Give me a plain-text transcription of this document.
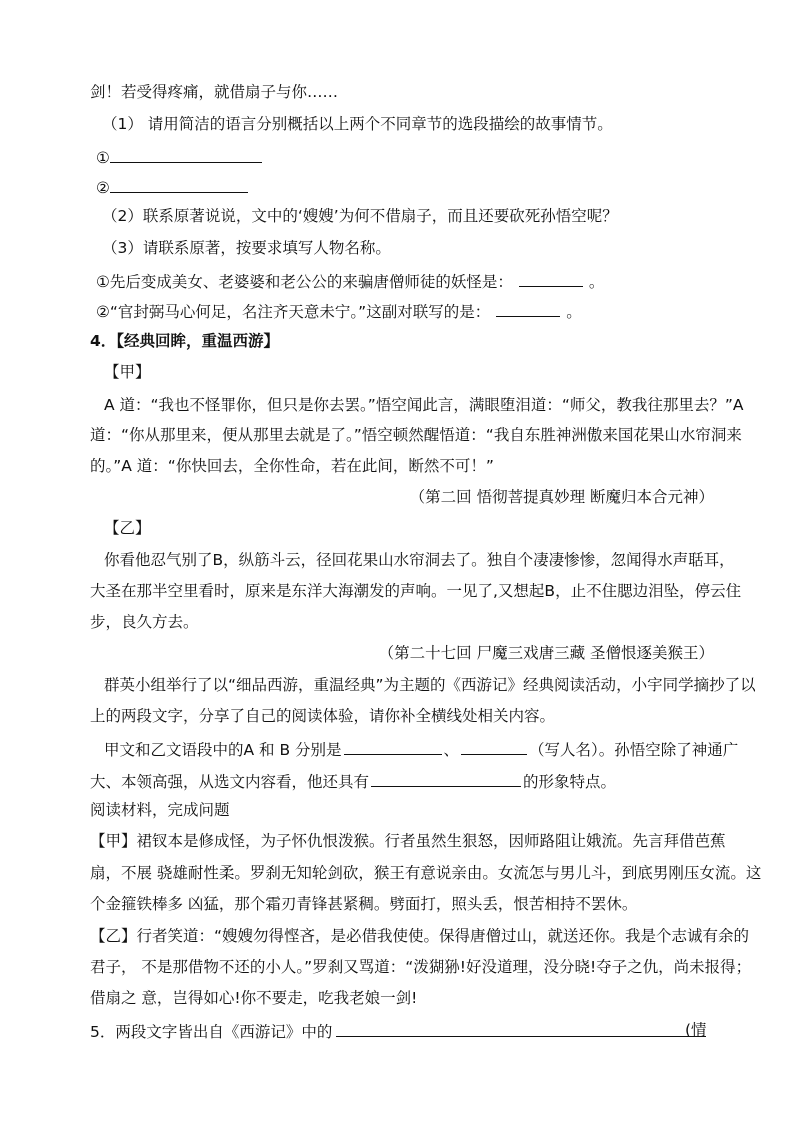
剑！若受得疼痛，就借扇子与你……
（1） 请用简洁的语言分别概括以上两个不同章节的选段描绘的故事情节。
①
②
（2）联系原著说说，文中的‘嫂嫂’为何不借扇子，而且还要砍死孙悟空呢？
（3）请联系原著，按要求填写人物名称。
①先后变成美女、老婆婆和老公公的来骗唐僧师徒的妖怪是：	。
②“官封弼马心何足，名注齐天意未宁。”这副对联写的是：	。
4．【经典回眸，重温西游】
【甲】
A 道：“我也不怪罪你，但只是你去罢。”悟空闻此言，满眼堕泪道：“师父，教我往那里去？”A
道：“你从那里来，便从那里去就是了。”悟空顿然醒悟道：“我自东胜神洲傲来国花果山水帘洞来
的。”A 道：“你快回去，全你性命，若在此间，断然不可！”
（第二回 悟彻菩提真妙理 断魔归本合元神）
【乙】
你看他忍气别了B，纵筋斗云，径回花果山水帘洞去了。独自个凄凄惨惨，忽闻得水声聒耳，
大圣在那半空里看时，原来是东洋大海潮发的声响。一见了,又想起B，止不住腮边泪坠，停云住
步，良久方去。
（第二十七回 尸魔三戏唐三藏 圣僧恨逐美猴王）
群英小组举行了以“细品西游，重温经典”为主题的《西游记》经典阅读活动，小宇同学摘抄了以
上的两段文字，分享了自己的阅读体验，请你补全横线处相关内容。
甲文和乙文语段中的A 和 B 分别是	、	（写人名）。孙悟空除了神通广
大、本领高强，从选文内容看，他还具有	的形象特点。
阅读材料，完成问题
【甲】裙钗本是修成怪，为子怀仇恨泼猴。行者虽然生狠怒，因师路阻让娥流。先言拜借芭蕉
扇，不展 骁雄耐性柔。罗刹无知轮剑砍，猴王有意说亲由。女流怎与男儿斗，到底男刚压女流。这
个金箍铁棒多 凶猛，那个霜刃青锋甚紧稠。劈面打，照头丢，恨苦相持不罢休。
【乙】行者笑道：“嫂嫂勿得悭吝，是必借我使使。保得唐僧过山，就送还你。我是个志诚有余的
君子， 不是那借物不还的小人。”罗刹又骂道：“泼猢狲!好没道理，没分晓!夺子之仇，尚未报得；
借扇之 意，岂得如心!你不要走，吃我老娘一剑!
5．两段文字皆出自《西游记》中的	(情
